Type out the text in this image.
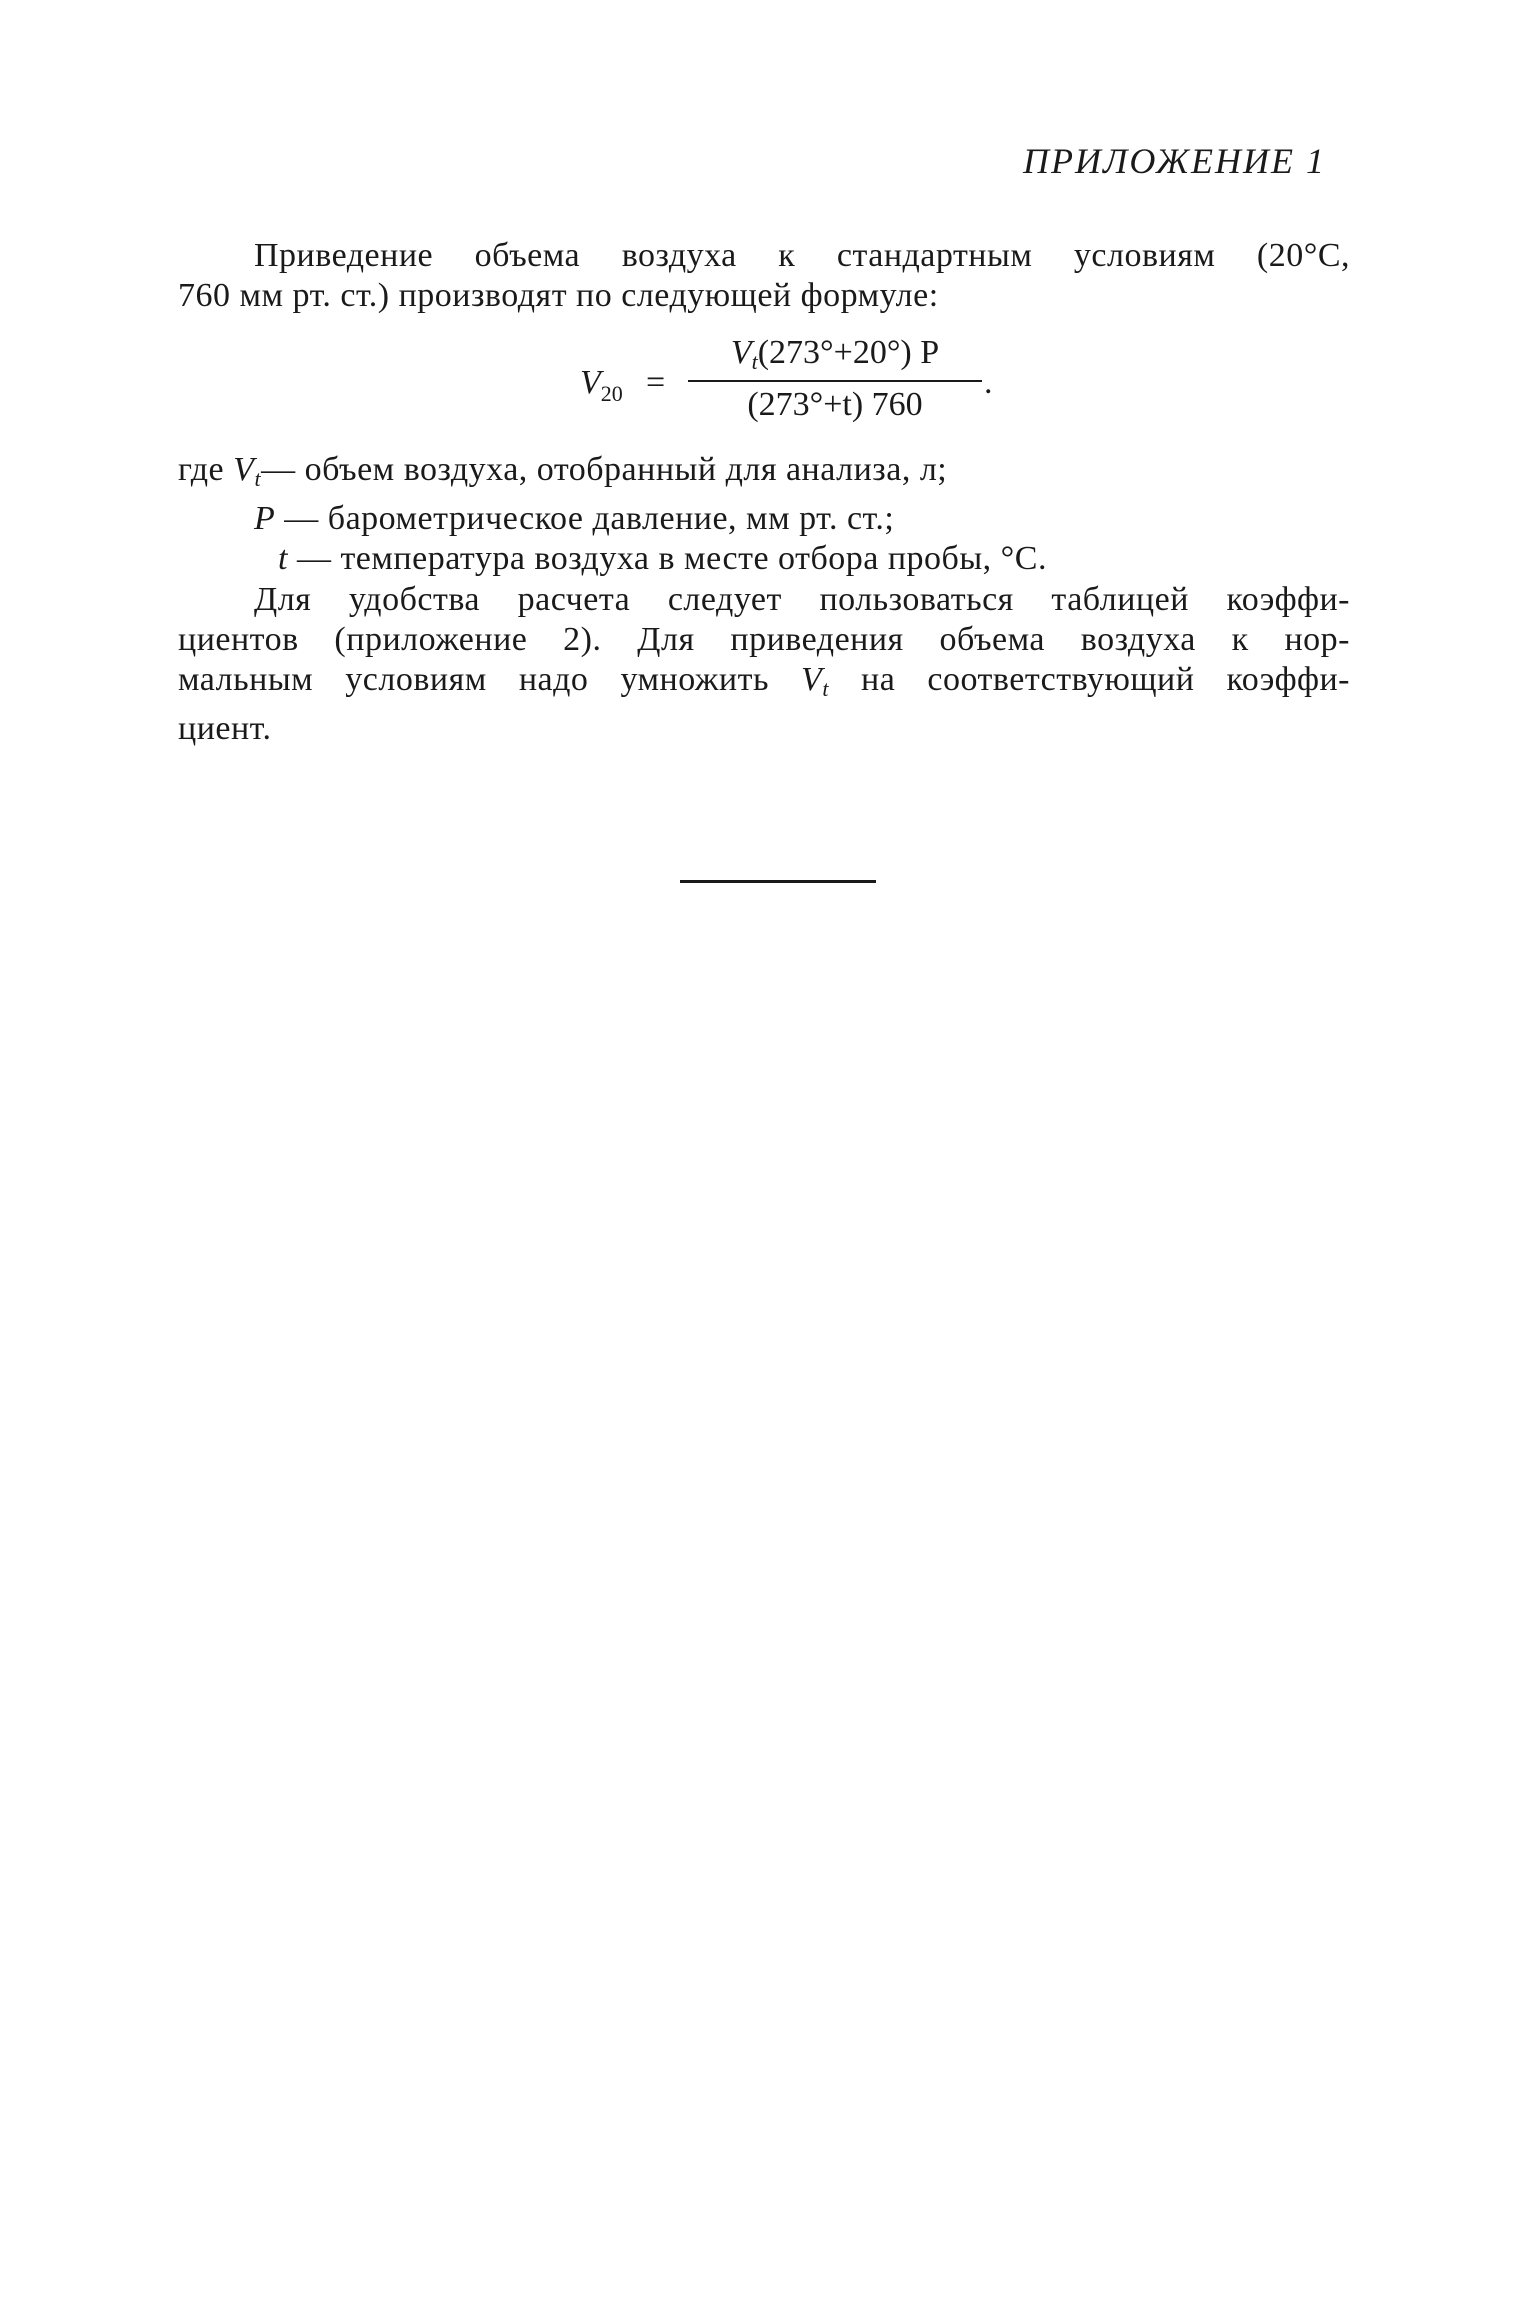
ПРИЛОЖЕНИЕ 1
Приведение объема воздуха к стандартным условиям (20°С,
760 мм рт. ст.) производят по следующей формуле:
$V_{20}$ =
$V_t(273^\circ+20^\circ)$ P
(273°+t) 760
.
где $V_t—$ объем воздуха, отобранный для анализа, л;
P — барометрическое давление, мм рт. ст.;
t — температура воздуха в месте отбора пробы, °С.
Для удобства расчета следует пользоваться таблицей коэффи-
циентов (приложение 2). Для приведения объема воздуха к нор-
мальным условиям надо умножить $V_t$ на соответствующий коэффи-
циент.
